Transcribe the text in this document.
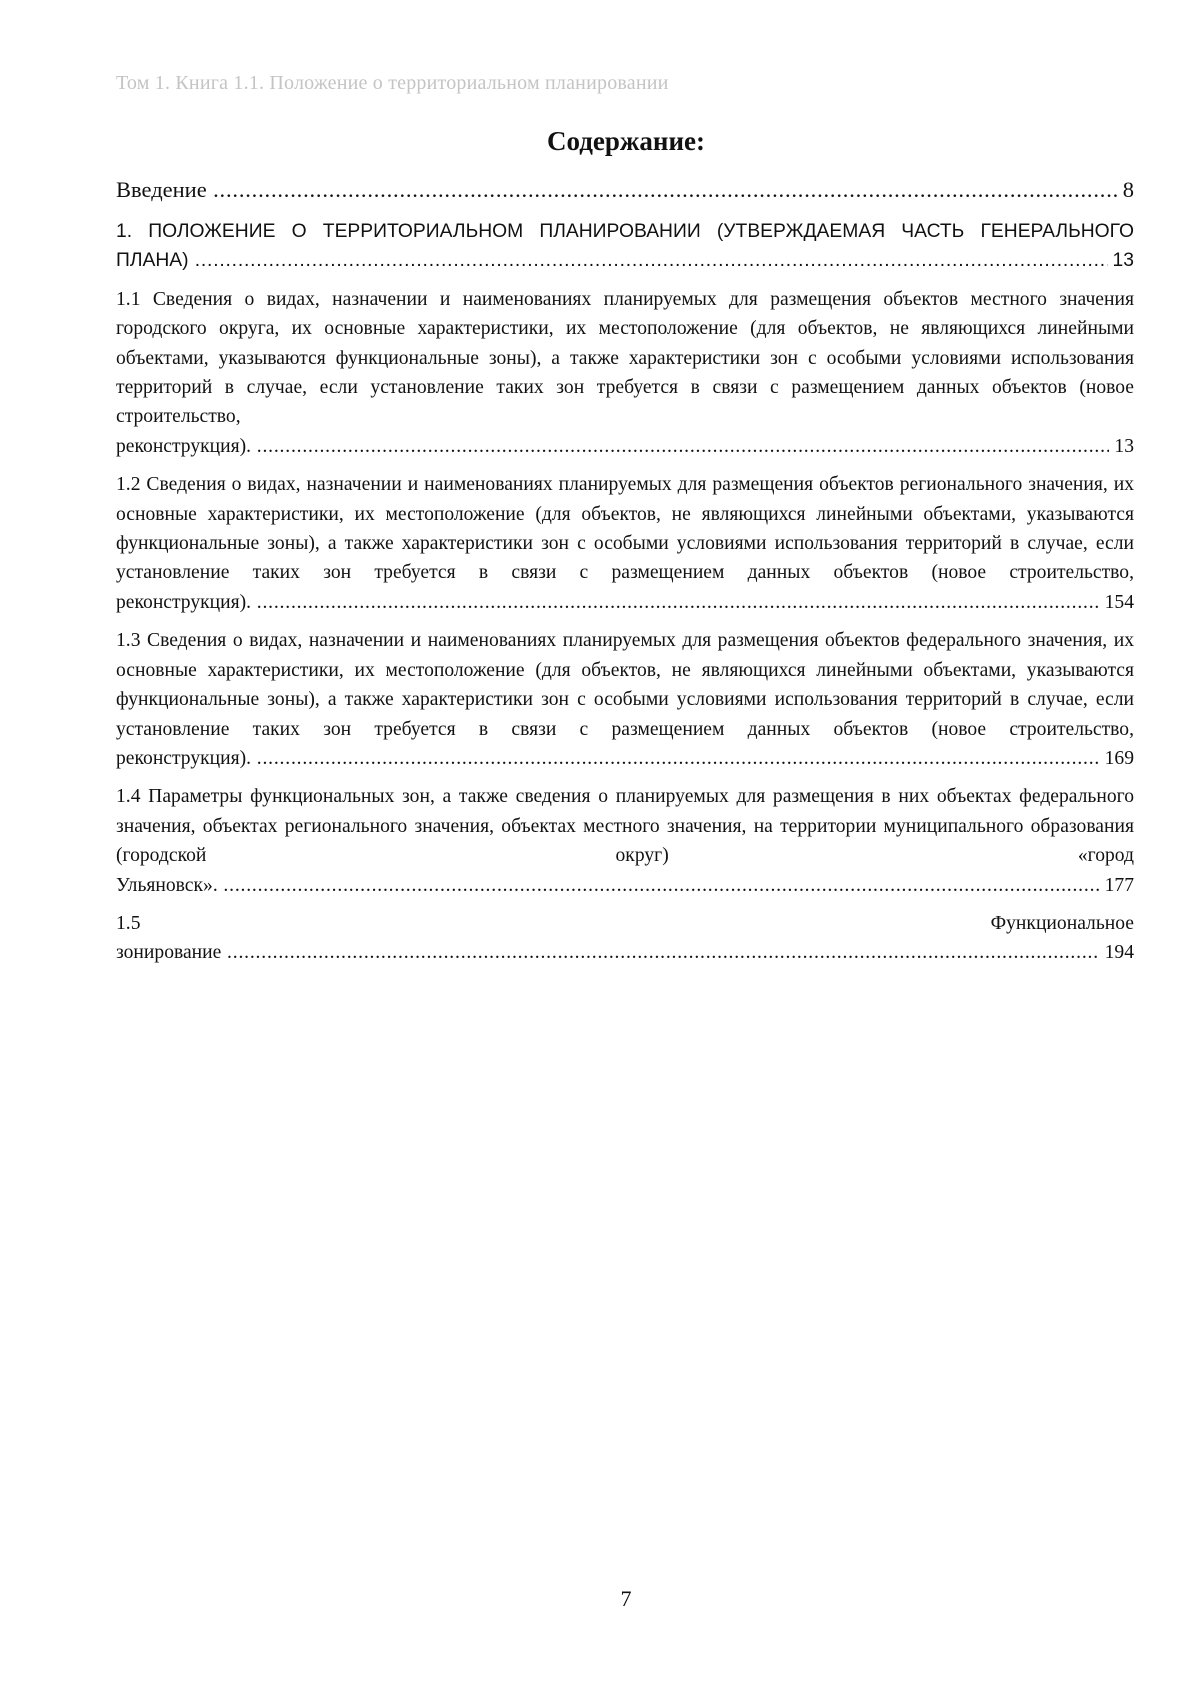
Том 1. Книга 1.1. Положение о территориальном планировании
Содержание:
Введение .....	8
1. ПОЛОЖЕНИЕ О ТЕРРИТОРИАЛЬНОМ ПЛАНИРОВАНИИ (УТВЕРЖДАЕМАЯ ЧАСТЬ ГЕНЕРАЛЬНОГО ПЛАНА) .....	13
1.1 Сведения о видах, назначении и наименованиях планируемых для размещения объектов местного значения городского округа, их основные характеристики, их местоположение (для объектов, не являющихся линейными объектами, указываются функциональные зоны), а также характеристики зон с особыми условиями использования территорий в случае, если установление таких зон требуется в связи с размещением данных объектов (новое строительство, реконструкция). .....	13
1.2 Сведения о видах, назначении и наименованиях планируемых для размещения объектов регионального значения, их основные характеристики, их местоположение (для объектов, не являющихся линейными объектами, указываются функциональные зоны), а также характеристики зон с особыми условиями использования территорий в случае, если установление таких зон требуется в связи с размещением данных объектов (новое строительство, реконструкция). .....	154
1.3 Сведения о видах, назначении и наименованиях планируемых для размещения объектов федерального значения, их основные характеристики, их местоположение (для объектов, не являющихся линейными объектами, указываются функциональные зоны), а также характеристики зон с особыми условиями использования территорий в случае, если установление таких зон требуется в связи с размещением данных объектов (новое строительство, реконструкция). .....	169
1.4 Параметры функциональных зон, а также сведения о планируемых для размещения в них объектах федерального значения, объектах регионального значения, объектах местного значения, на территории муниципального образования (городской округ) «город Ульяновск». .....	177
1.5 Функциональное зонирование .....	194
7
